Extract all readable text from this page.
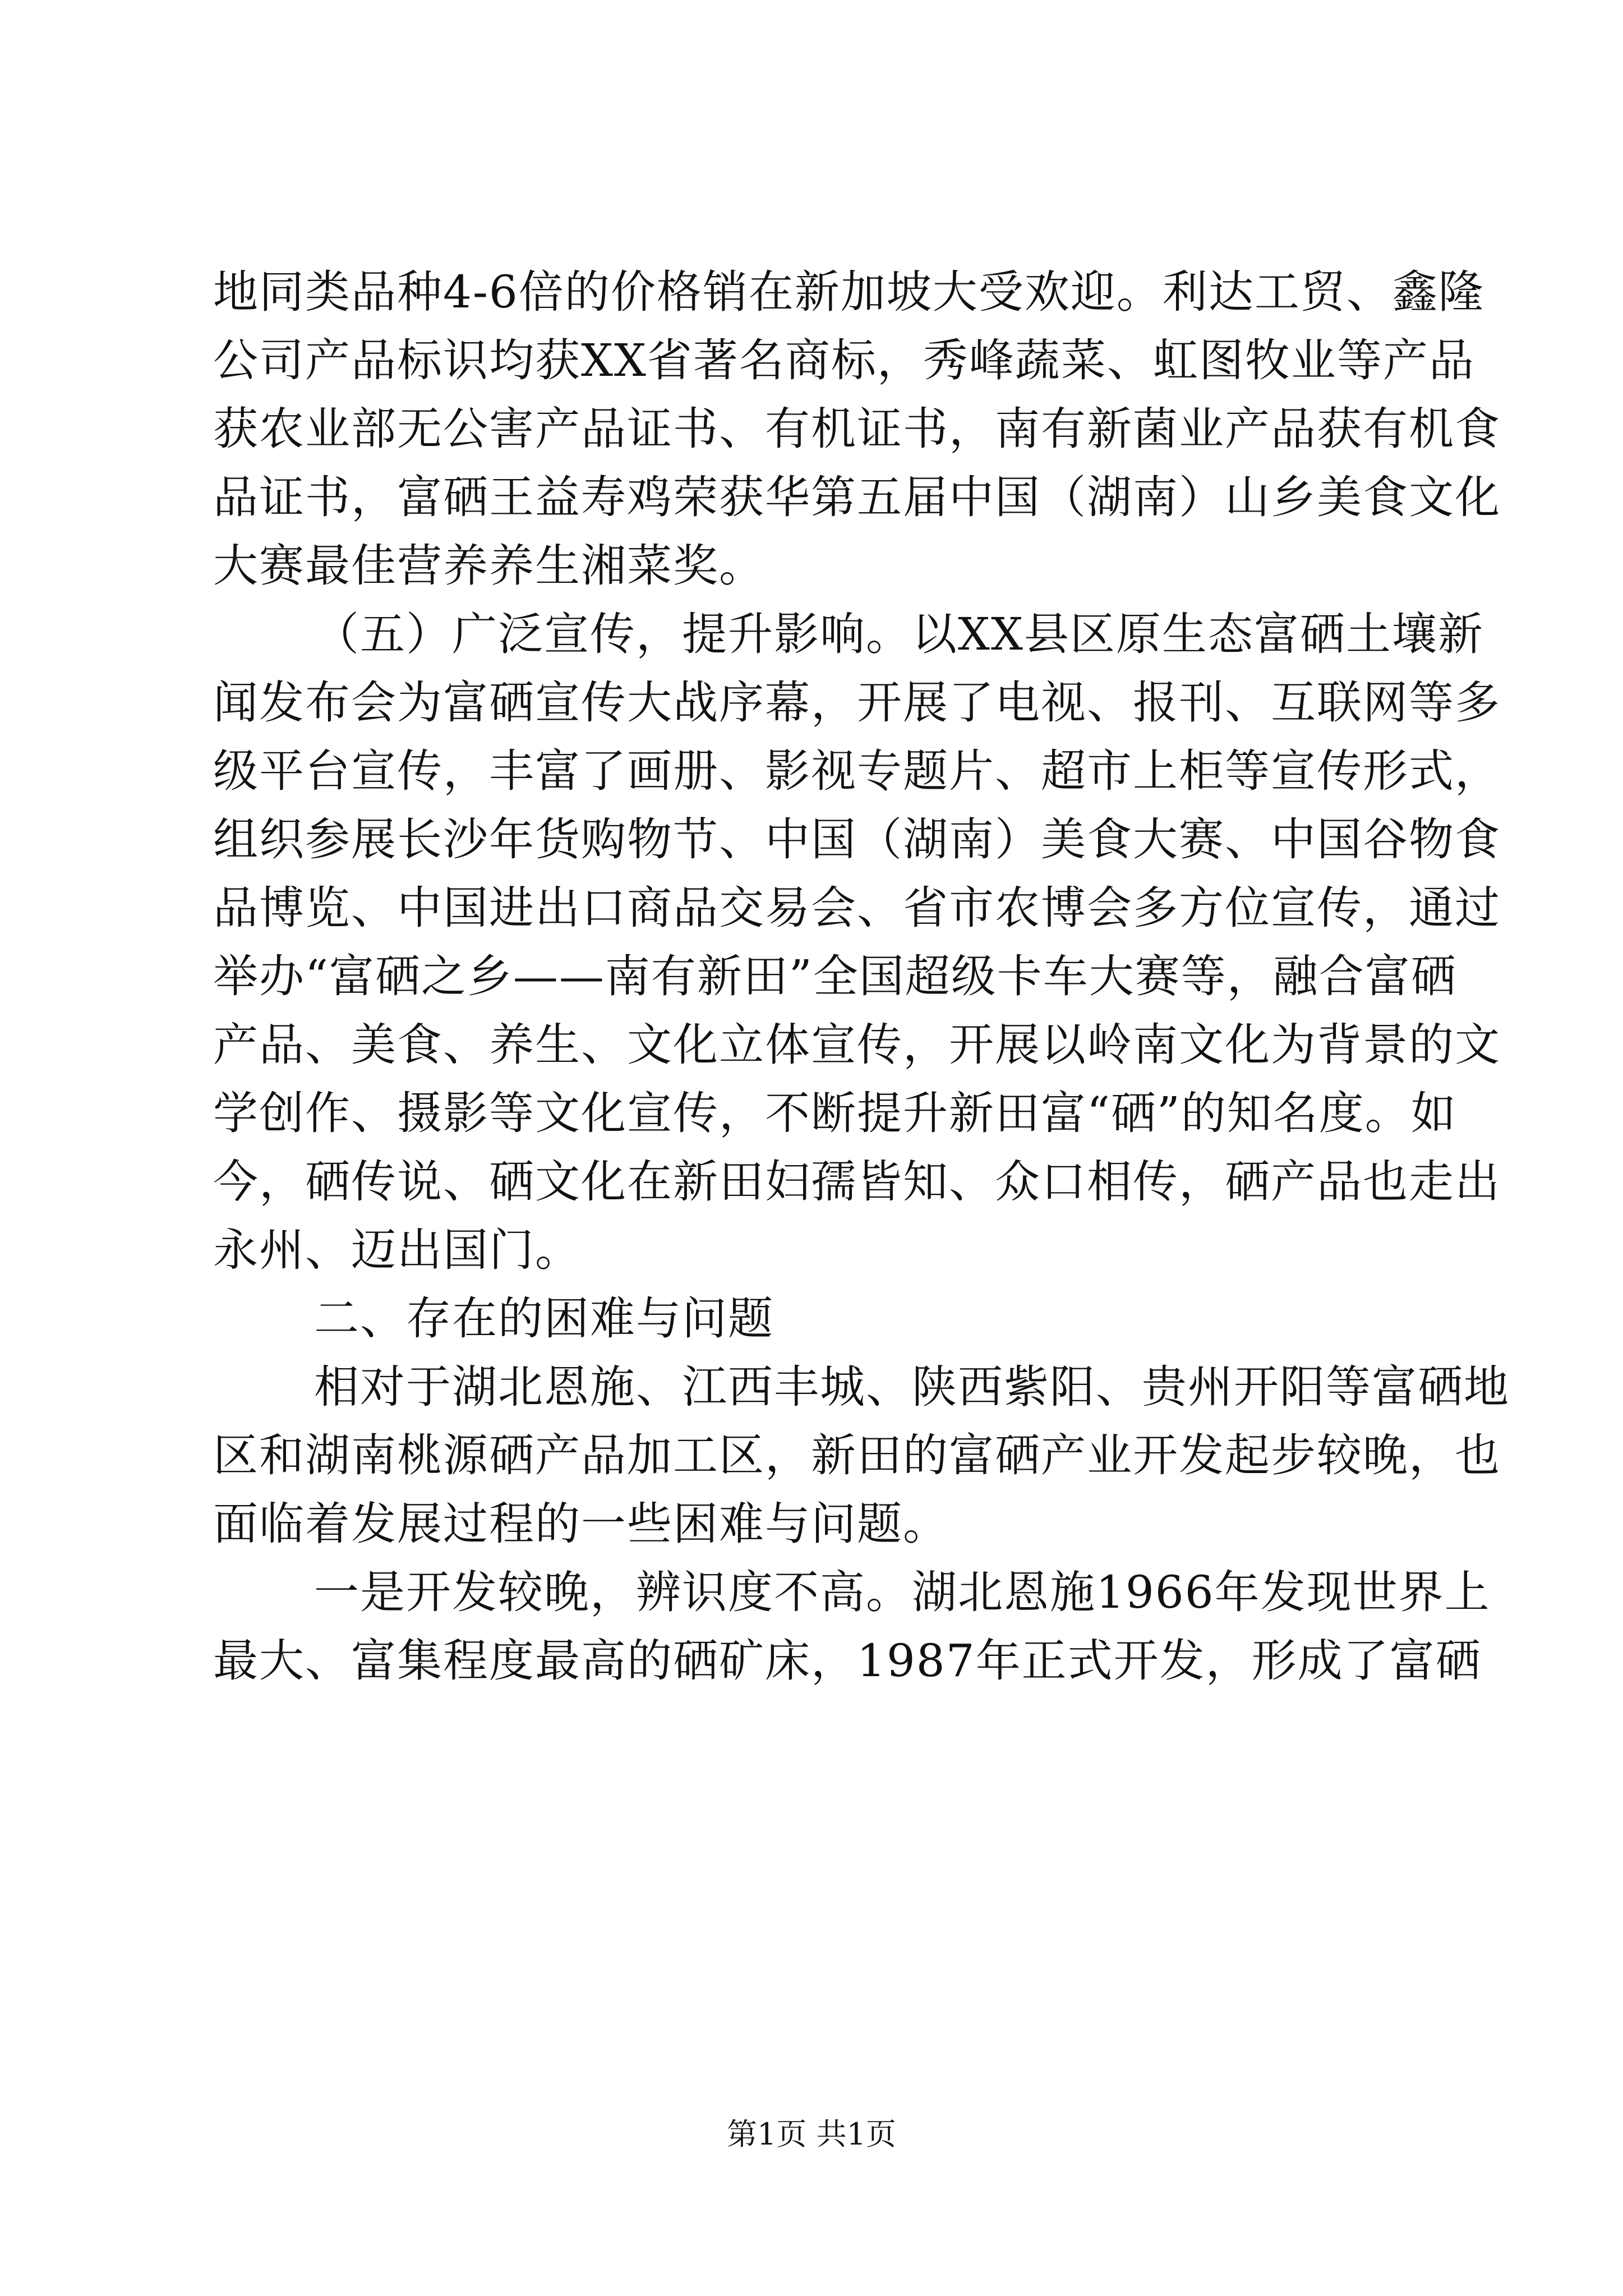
地同类品种4-6倍的价格销在新加坡大受欢迎。利达工贸、鑫隆
公司产品标识均获XX省著名商标，秀峰蔬菜、虹图牧业等产品
获农业部无公害产品证书、有机证书，南有新菌业产品获有机食
品证书，富硒王益寿鸡荣获华第五届中国（湖南）山乡美食文化
大赛最佳营养养生湘菜奖。
（五）广泛宣传，提升影响。以XX县区原生态富硒土壤新
闻发布会为富硒宣传大战序幕，开展了电视、报刊、互联网等多
级平台宣传，丰富了画册、影视专题片、超市上柜等宣传形式，
组织参展长沙年货购物节、中国（湖南）美食大赛、中国谷物食
品博览、中国进出口商品交易会、省市农博会多方位宣传，通过
举办“富硒之乡——南有新田”全国超级卡车大赛等，融合富硒
产品、美食、养生、文化立体宣传，开展以岭南文化为背景的文
学创作、摄影等文化宣传，不断提升新田富“硒”的知名度。如
今，硒传说、硒文化在新田妇孺皆知、众口相传，硒产品也走出
永州、迈出国门。
二、存在的困难与问题
相对于湖北恩施、江西丰城、陕西紫阳、贵州开阳等富硒地
区和湖南桃源硒产品加工区，新田的富硒产业开发起步较晚，也
面临着发展过程的一些困难与问题。
一是开发较晚，辨识度不高。湖北恩施1966年发现世界上
最大、富集程度最高的硒矿床，1987年正式开发，形成了富硒
第1页 共1页
